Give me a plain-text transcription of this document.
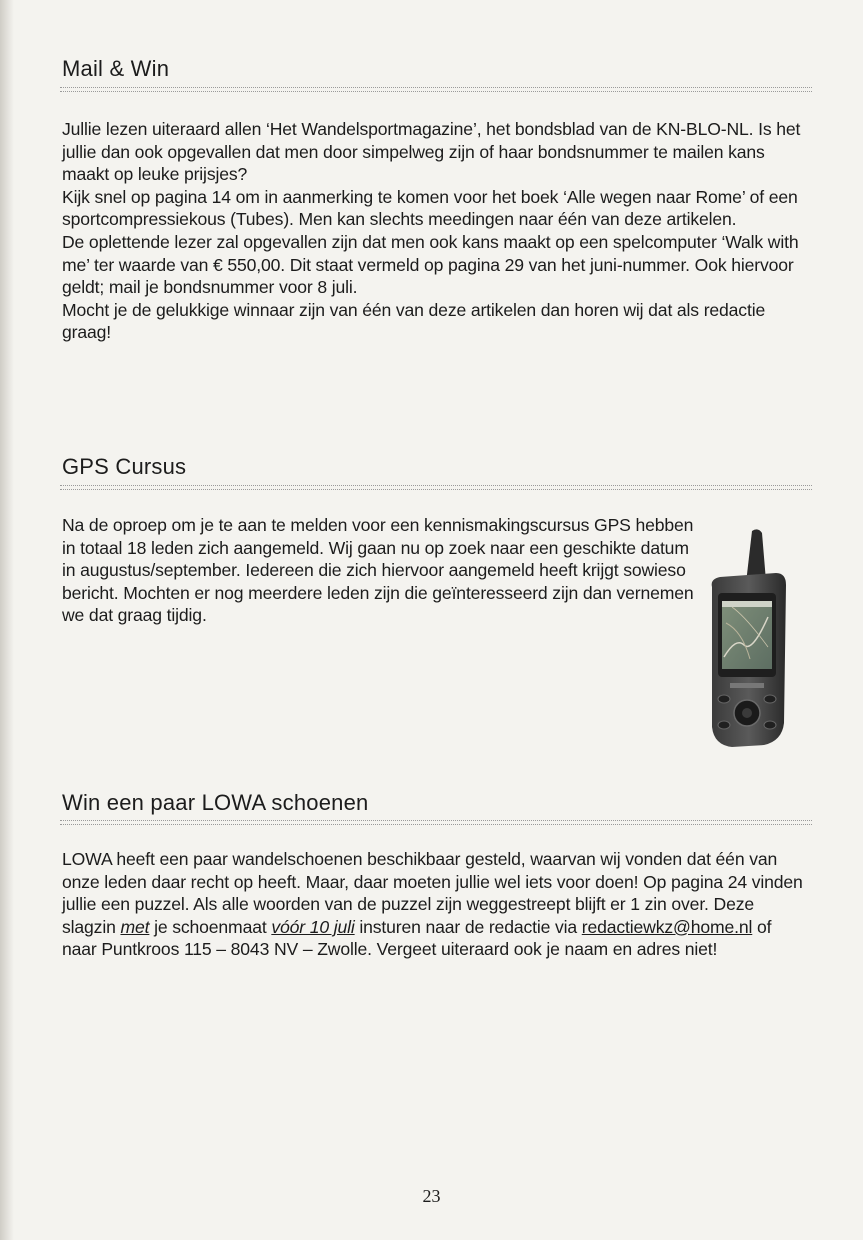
Mail & Win
Jullie lezen uiteraard allen ‘Het Wandelsportmagazine’, het bondsblad van de KN-BLO-NL. Is het jullie dan ook opgevallen dat men door simpelweg zijn of haar bondsnummer te mailen kans maakt op leuke prijsjes?
Kijk snel op pagina 14 om in aanmerking te komen voor het boek ‘Alle wegen naar Rome’ of een sportcompressiekous (Tubes). Men kan slechts meedingen naar één van deze artikelen.
De oplettende lezer zal opgevallen zijn dat men ook kans maakt op een spelcomputer ‘Walk with me’ ter waarde van € 550,00. Dit staat vermeld op pagina 29 van het juni-nummer. Ook hiervoor geldt; mail je bondsnummer voor 8 juli.
Mocht je de gelukkige winnaar zijn van één van deze artikelen dan horen wij dat als redactie graag!
GPS Cursus
Na de oproep om je te aan te melden voor een kennismakingscursus GPS hebben in totaal 18 leden zich aangemeld. Wij gaan nu op zoek naar een geschikte datum in augustus/september. Iedereen die zich hiervoor aangemeld heeft krijgt sowieso bericht. Mochten er nog meerdere leden zijn die geïnteresseerd zijn dan vernemen we dat graag tijdig.
Win een paar LOWA schoenen
LOWA heeft een paar wandelschoenen beschikbaar gesteld, waarvan wij vonden dat één van onze leden daar recht op heeft. Maar, daar moeten jullie wel iets voor doen! Op pagina 24 vinden jullie een puzzel. Als alle woorden van de puzzel zijn weggestreept blijft er 1 zin over. Deze slagzin met je schoenmaat vóór 10 juli insturen naar de redactie via redactiewkz@home.nl of naar Puntkroos 115 – 8043 NV – Zwolle. Vergeet uiteraard ook je naam en adres niet!
23
